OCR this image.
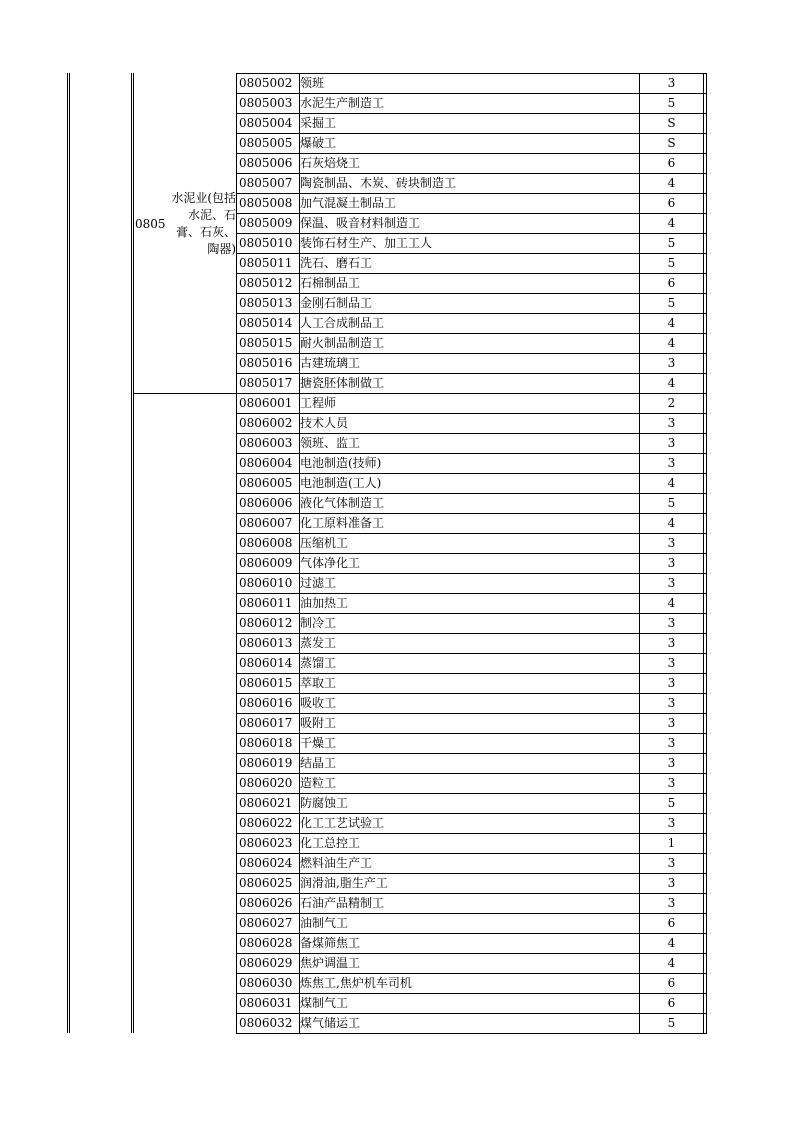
0805
水泥业(包括水泥、石膏、石灰、陶器)
0805002	领班	3	
0805003	水泥生产制造工	5	
0805004	采掘工	S	
0805005	爆破工	S	
0805006	石灰焙烧工	6	
0805007	陶瓷制品、木炭、砖块制造工	4	
0805008	加气混凝土制品工	6	
0805009	保温、吸音材料制造工	4	
0805010	装饰石材生产、加工工人	5	
0805011	洗石、磨石工	5	
0805012	石棉制品工	6	
0805013	金刚石制品工	5	
0805014	人工合成制品工	4	
0805015	耐火制品制造工	4	
0805016	古建琉璃工	3	
0805017	搪瓷胚体制做工	4	
0806001	工程师	2	
0806002	技术人员	3	
0806003	领班、监工	3	
0806004	电池制造(技师)	3	
0806005	电池制造(工人)	4	
0806006	液化气体制造工	5	
0806007	化工原料准备工	4	
0806008	压缩机工	3	
0806009	气体净化工	3	
0806010	过滤工	3	
0806011	油加热工	4	
0806012	制冷工	3	
0806013	蒸发工	3	
0806014	蒸馏工	3	
0806015	萃取工	3	
0806016	吸收工	3	
0806017	吸附工	3	
0806018	干燥工	3	
0806019	结晶工	3	
0806020	造粒工	3	
0806021	防腐蚀工	5	
0806022	化工工艺试验工	3	
0806023	化工总控工	1	
0806024	燃料油生产工	3	
0806025	润滑油,脂生产工	3	
0806026	石油产品精制工	3	
0806027	油制气工	6	
0806028	备煤筛焦工	4	
0806029	焦炉调温工	4	
0806030	炼焦工,焦炉机车司机	6	
0806031	煤制气工	6	
0806032	煤气储运工	5	
